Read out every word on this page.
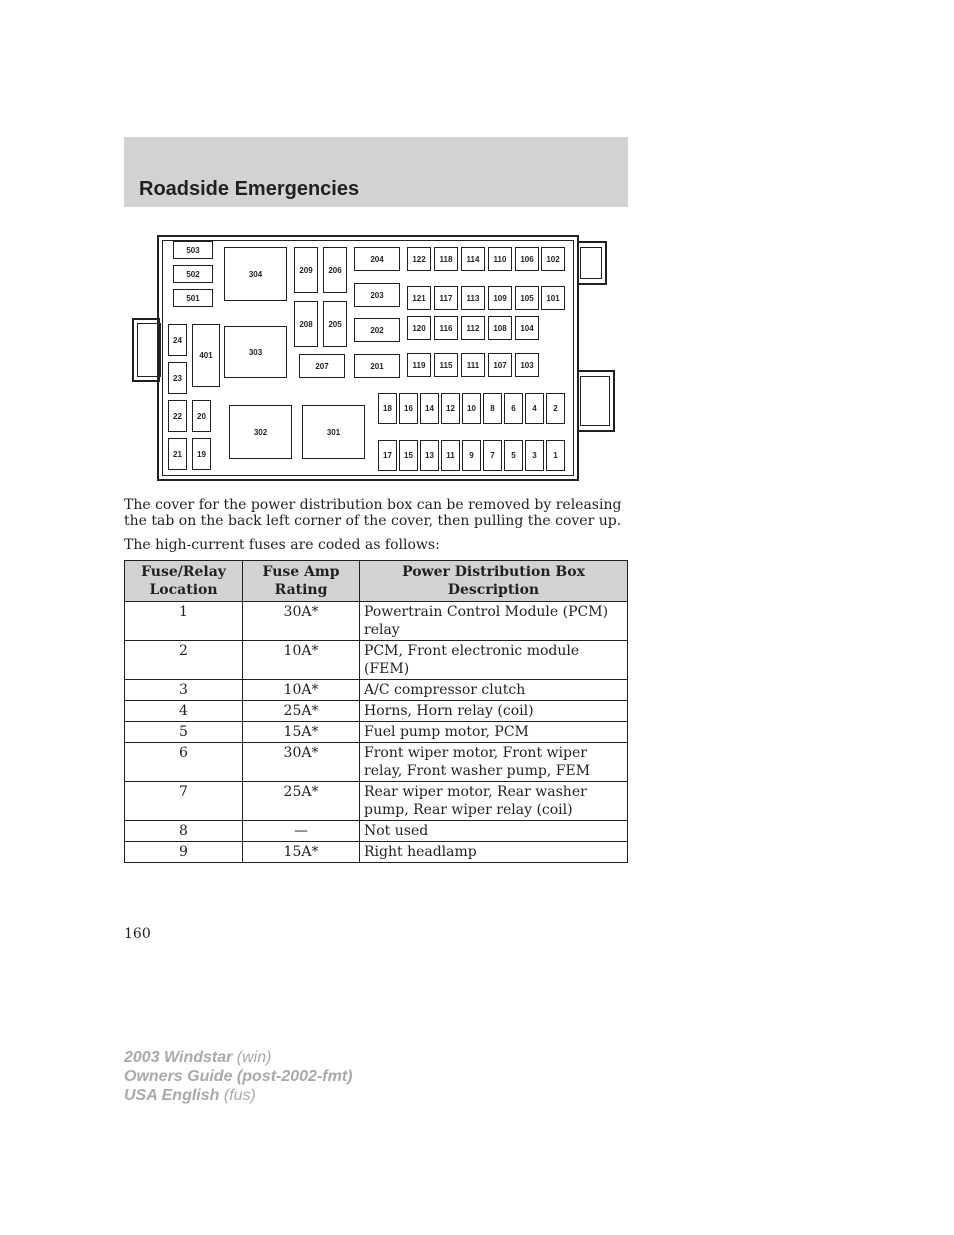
Roadside Emergencies
503
502
501
304
303
302	301
209	206
208	205
207
204
203
202
201
24
23
401
22	20
21	19
122	118	114	110	106	102
121	117	113	109	105	101
120	116	112	108	104
119	115	111	107	103
18	16	14	12	10	8	6	4	2
17	15	13	11	9	7	5	3	1

The cover for the power distribution box can be removed by releasing the tab on the back left corner of the cover, then pulling the cover up.

The high-current fuses are coded as follows:

Fuse/Relay Location	Fuse Amp Rating	Power Distribution Box Description
1	30A*	Powertrain Control Module (PCM) relay
2	10A*	PCM, Front electronic module (FEM)
3	10A*	A/C compressor clutch
4	25A*	Horns, Horn relay (coil)
5	15A*	Fuel pump motor, PCM
6	30A*	Front wiper motor, Front wiper relay, Front washer pump, FEM
7	25A*	Rear wiper motor, Rear washer pump, Rear wiper relay (coil)
8	—	Not used
9	15A*	Right headlamp

160

2003 Windstar (win)
Owners Guide (post-2002-fmt)
USA English (fus)
